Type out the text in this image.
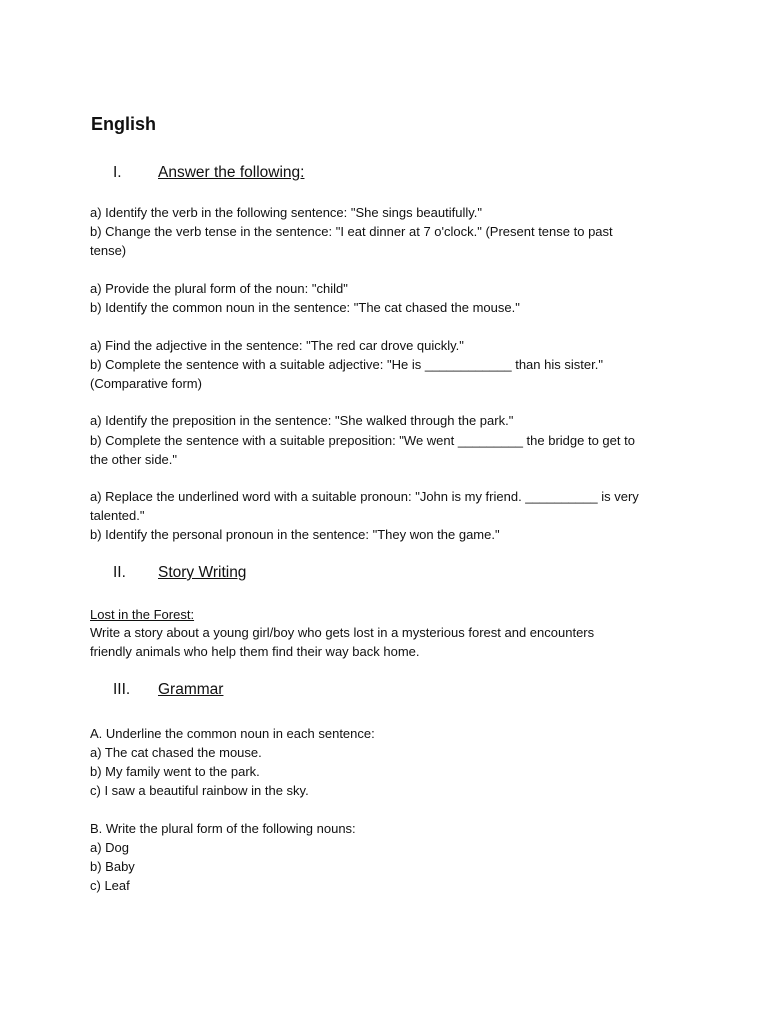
English
I. Answer the following:
a) Identify the verb in the following sentence: "She sings beautifully."
b) Change the verb tense in the sentence: "I eat dinner at 7 o'clock." (Present tense to past
tense)
a) Provide the plural form of the noun: "child"
b) Identify the common noun in the sentence: "The cat chased the mouse."
a) Find the adjective in the sentence: "The red car drove quickly."
b) Complete the sentence with a suitable adjective: "He is ____________ than his sister."
(Comparative form)
a) Identify the preposition in the sentence: "She walked through the park."
b) Complete the sentence with a suitable preposition: "We went _________ the bridge to get to
the other side."
a) Replace the underlined word with a suitable pronoun: "John is my friend. __________ is very
talented."
b) Identify the personal pronoun in the sentence: "They won the game."
II. Story Writing
Lost in the Forest:
Write a story about a young girl/boy who gets lost in a mysterious forest and encounters
friendly animals who help them find their way back home.
III. Grammar
A. Underline the common noun in each sentence:
a) The cat chased the mouse.
b) My family went to the park.
c) I saw a beautiful rainbow in the sky.
B. Write the plural form of the following nouns:
a) Dog
b) Baby
c) Leaf
